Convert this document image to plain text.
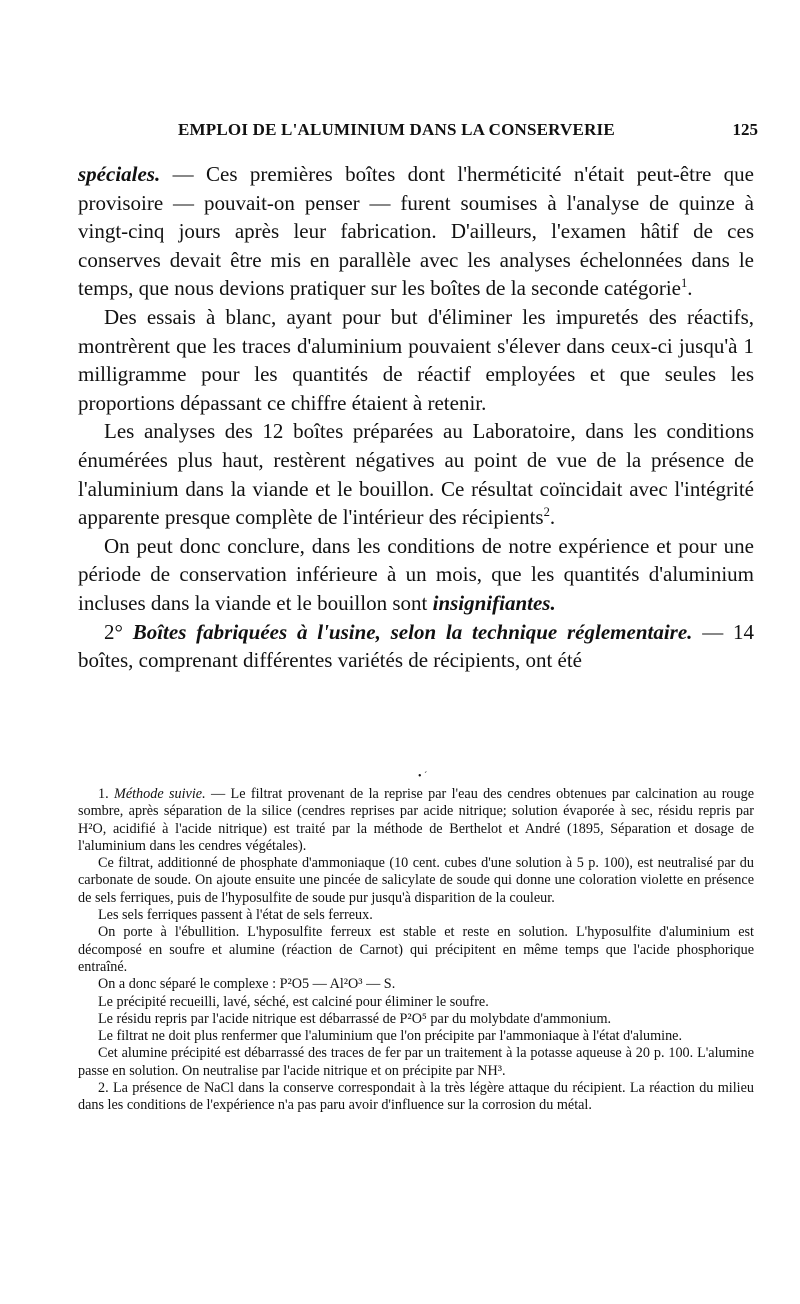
EMPLOI DE L'ALUMINIUM DANS LA CONSERVERIE	125

spéciales. — Ces premières boîtes dont l'herméticité n'était peut-être que provisoire — pouvait-on penser — furent soumises à l'analyse de quinze à vingt-cinq jours après leur fabrication. D'ailleurs, l'examen hâtif de ces conserves devait être mis en parallèle avec les analyses échelonnées dans le temps, que nous devions pratiquer sur les boîtes de la seconde catégorie$^1$.

Des essais à blanc, ayant pour but d'éliminer les impuretés des réactifs, montrèrent que les traces d'aluminium pouvaient s'élever dans ceux-ci jusqu'à 1 milligramme pour les quantités de réactif employées et que seules les proportions dépassant ce chiffre étaient à retenir.

Les analyses des 12 boîtes préparées au Laboratoire, dans les conditions énumérées plus haut, restèrent négatives au point de vue de la présence de l'aluminium dans la viande et le bouillon. Ce résultat coïncidait avec l'intégrité apparente presque complète de l'intérieur des récipients$^2$.

On peut donc conclure, dans les conditions de notre expérience et pour une période de conservation inférieure à un mois, que les quantités d'aluminium incluses dans la viande et le bouillon sont insignifiantes.

2° Boîtes fabriquées à l'usine, selon la technique réglementaire. — 14 boîtes, comprenant différentes variétés de récipients, ont été

• ˊ

1. Méthode suivie. — Le filtrat provenant de la reprise par l'eau des cendres obtenues par calcination au rouge sombre, après séparation de la silice (cendres reprises par acide nitrique; solution évaporée à sec, résidu repris par H²O, acidifié à l'acide nitrique) est traité par la méthode de Berthelot et André (1895, Séparation et dosage de l'aluminium dans les cendres végétales).

Ce filtrat, additionné de phosphate d'ammoniaque (10 cent. cubes d'une solution à 5 p. 100), est neutralisé par du carbonate de soude. On ajoute ensuite une pincée de salicylate de soude qui donne une coloration violette en présence de sels ferriques, puis de l'hyposulfite de soude pur jusqu'à disparition de la couleur.

Les sels ferriques passent à l'état de sels ferreux.

On porte à l'ébullition. L'hyposulfite ferreux est stable et reste en solution. L'hyposulfite d'aluminium est décomposé en soufre et alumine (réaction de Carnot) qui précipitent en même temps que l'acide phosphorique entraîné.

On a donc séparé le complexe : P²O5 — Al²O³ — S.

Le précipité recueilli, lavé, séché, est calciné pour éliminer le soufre.

Le résidu repris par l'acide nitrique est débarrassé de P²O⁵ par du molybdate d'ammonium.

Le filtrat ne doit plus renfermer que l'aluminium que l'on précipite par l'ammoniaque à l'état d'alumine.

Cet alumine précipité est débarrassé des traces de fer par un traitement à la potasse aqueuse à 20 p. 100. L'alumine passe en solution. On neutralise par l'acide nitrique et on précipite par NH³.

2. La présence de NaCl dans la conserve correspondait à la très légère attaque du récipient. La réaction du milieu dans les conditions de l'expérience n'a pas paru avoir d'influence sur la corrosion du métal.
